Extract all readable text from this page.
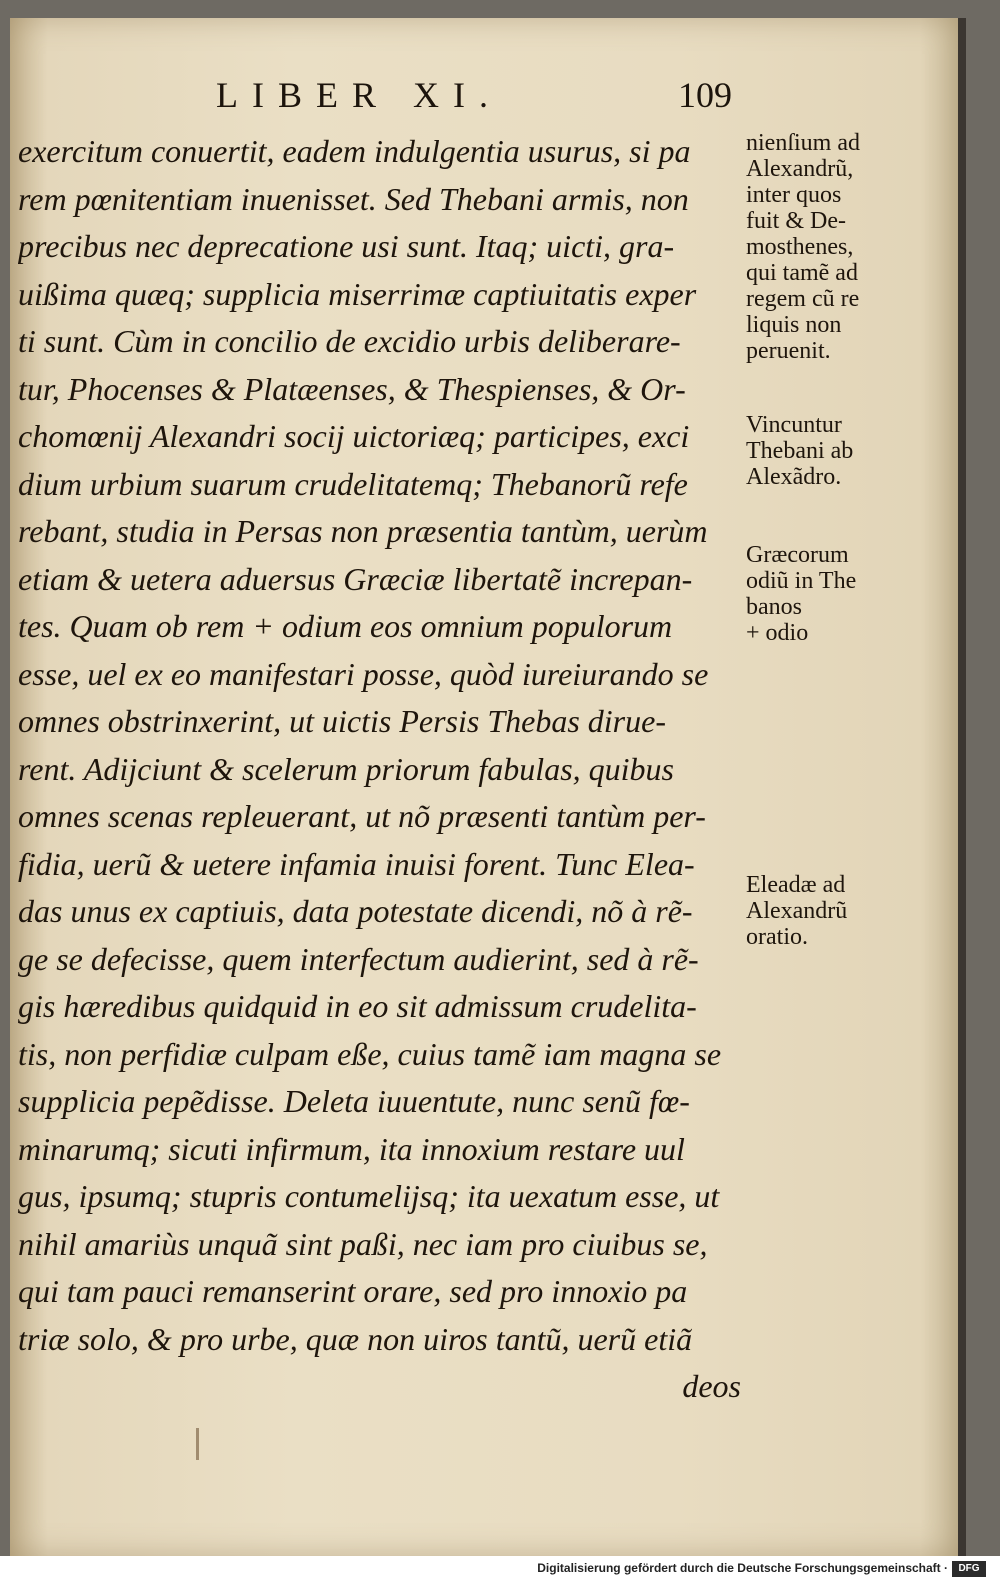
LIBER XI.	109
exercitum conuertit, eadem indulgentia usurus, si pa
rem pœnitentiam inuenisset. Sed Thebani armis, non
precibus nec deprecatione usi sunt. Itaq; uicti, gra-
uißima quæq; supplicia miserrimæ captiuitatis exper
ti sunt. Cùm in concilio de excidio urbis deliberare-
tur, Phocenses & Platæenses, & Thespienses, & Or-
chomœnij Alexandri socij uictoriæq; participes, exci
dium urbium suarum crudelitatemq; Thebanorũ refe
rebant, studia in Persas non præsentia tantùm, uerùm
etiam & uetera aduersus Græciæ libertatẽ increpan-
tes. Quam ob rem + odium eos omnium populorum
esse, uel ex eo manifestari posse, quòd iureiurando se
omnes obstrinxerint, ut uictis Persis Thebas dirue-
rent. Adijciunt & scelerum priorum fabulas, quibus
omnes scenas repleuerant, ut nõ præsenti tantùm per-
fidia, uerũ & uetere infamia inuisi forent. Tunc Elea-
das unus ex captiuis, data potestate dicendi, nõ à rẽ-
ge se defecisse, quem interfectum audierint, sed à rẽ-
gis hæredibus quidquid in eo sit admissum crudelita-
tis, non perfidiæ culpam eße, cuius tamẽ iam magna se
supplicia pepẽdisse. Deleta iuuentute, nunc senũ fœ-
minarumq; sicuti infirmum, ita innoxium restare uul
gus, ipsumq; stupris contumelijsq; ita uexatum esse, ut
nihil amariùs unquã sint paßi, nec iam pro ciuibus se,
qui tam pauci remanserint orare, sed pro innoxio pa
triæ solo, & pro urbe, quæ non uiros tantũ, uerũ etiã
deos
nienſium ad
Alexandrũ,
inter quos
fuit & De-
mosthenes,
qui tamẽ ad
regem cũ re
liquis non
peruenit.
Vincuntur
Thebani ab
Alexãdro.
Græcorum
odiũ in The
banos
+ odio
Eleadæ ad
Alexandrũ
oratio.
Digitalisierung gefördert durch die Deutsche Forschungsgemeinschaft ·	DFG
